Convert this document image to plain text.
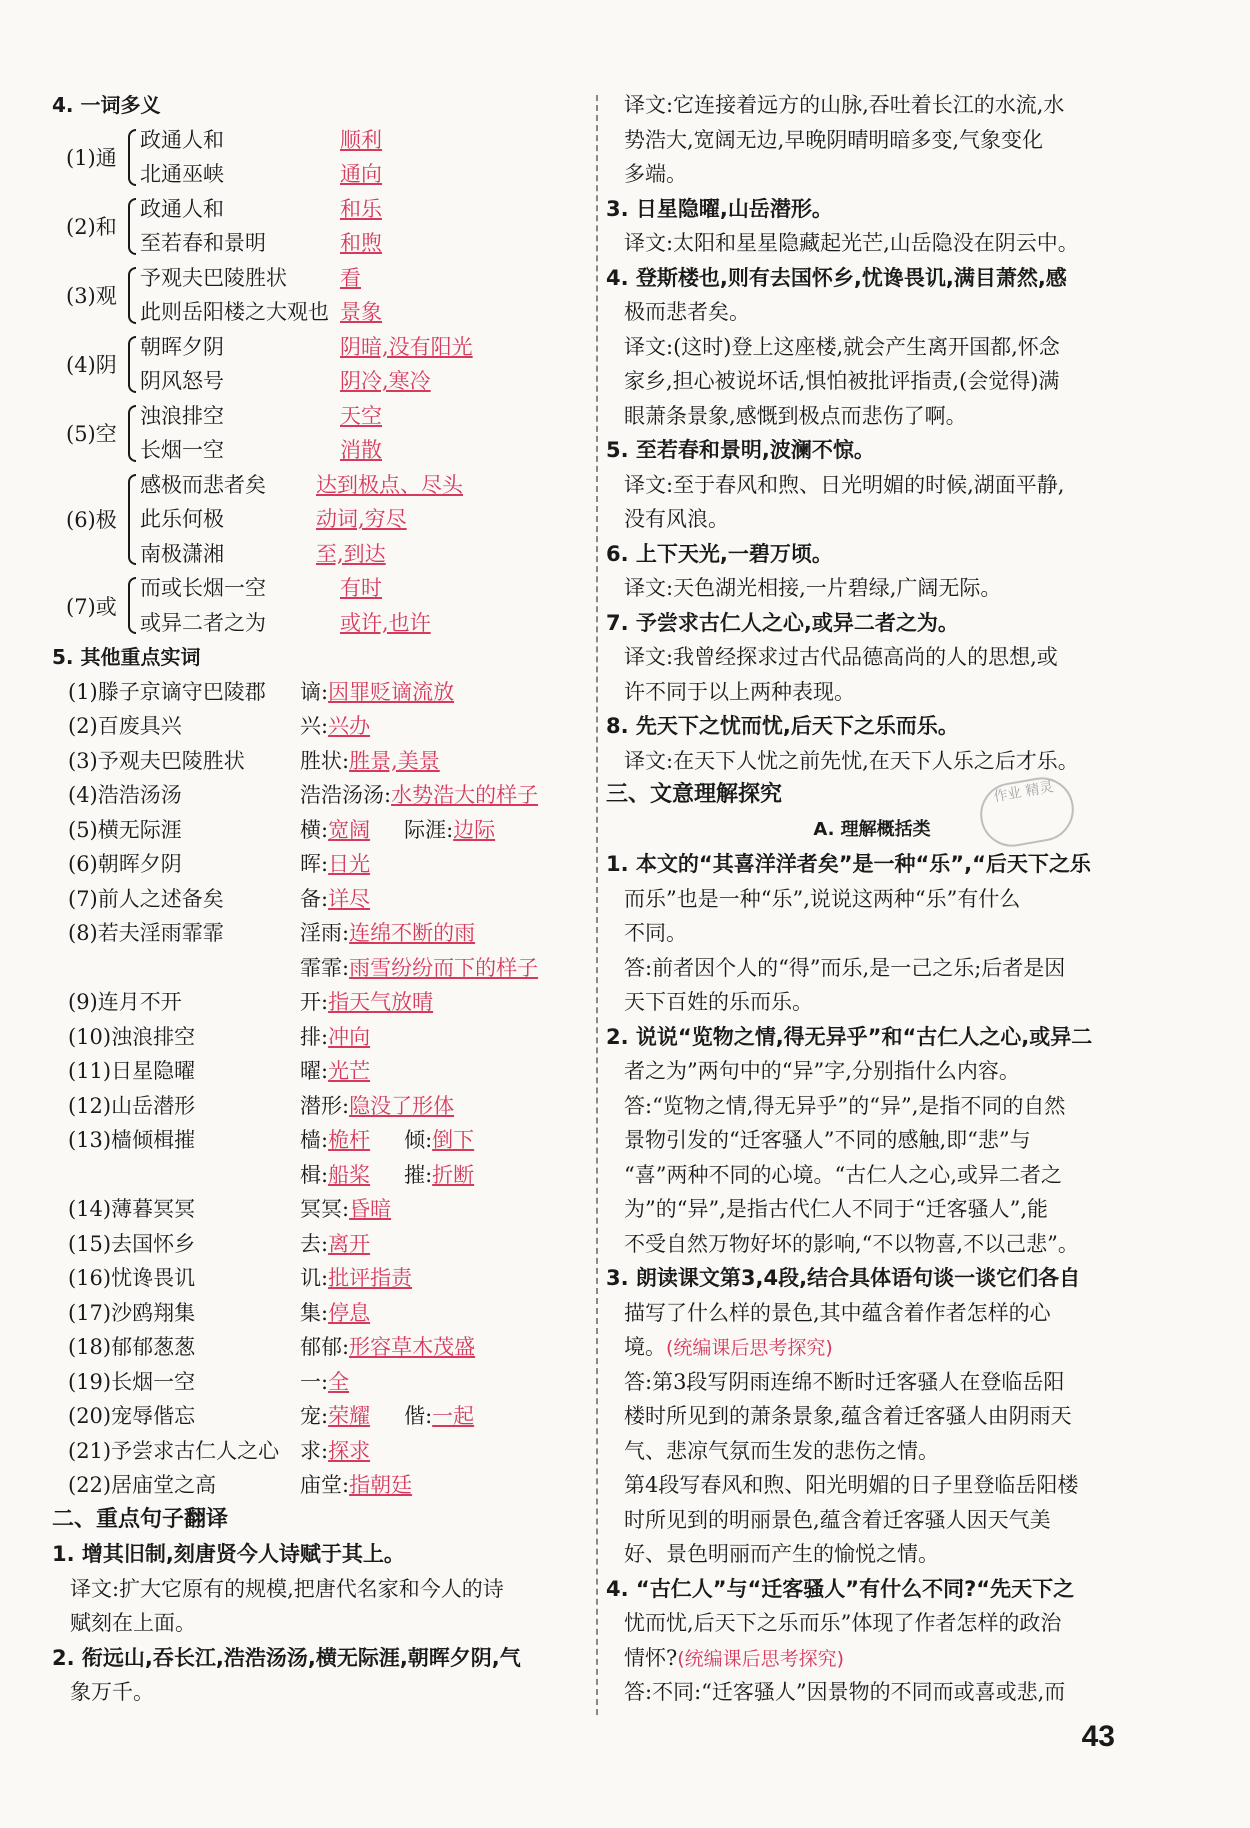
4. 一词多义
(1)通
政通人和	顺利
北通巫峡	通向
(2)和
政通人和	和乐
至若春和景明	和煦
(3)观
予观夫巴陵胜状	看
此则岳阳楼之大观也 景象
(4)阴
朝晖夕阴	阴暗,没有阳光
阴风怒号	阴冷,寒冷
(5)空
浊浪排空	天空
长烟一空	消散
(6)极
感极而悲者矣	达到极点、尽头
此乐何极	动词,穷尽
南极潇湘	至,到达
(7)或
而或长烟一空	有时
或异二者之为	或许,也许
5. 其他重点实词
(1)滕子京谪守巴陵郡	谪:因罪贬谪流放
(2)百废具兴	兴:兴办
(3)予观夫巴陵胜状	胜状:胜景,美景
(4)浩浩汤汤	浩浩汤汤:水势浩大的样子
(5)横无际涯	横:宽阔 际涯:边际
(6)朝晖夕阴	晖:日光
(7)前人之述备矣	备:详尽
(8)若夫淫雨霏霏	淫雨:连绵不断的雨
霏霏:雨雪纷纷而下的样子
(9)连月不开	开:指天气放晴
(10)浊浪排空	排:冲向
(11)日星隐曜	曜:光芒
(12)山岳潜形	潜形:隐没了形体
(13)樯倾楫摧	樯:桅杆 倾:倒下
楫:船桨 摧:折断
(14)薄暮冥冥	冥冥:昏暗
(15)去国怀乡	去:离开
(16)忧谗畏讥	讥:批评指责
(17)沙鸥翔集	集:停息
(18)郁郁葱葱	郁郁:形容草木茂盛
(19)长烟一空	一:全
(20)宠辱偕忘	宠:荣耀 偕:一起
(21)予尝求古仁人之心 求:探求
(22)居庙堂之高	庙堂:指朝廷
二、重点句子翻译
1. 增其旧制,刻唐贤今人诗赋于其上。
译文:扩大它原有的规模,把唐代名家和今人的诗
赋刻在上面。
2. 衔远山,吞长江,浩浩汤汤,横无际涯,朝晖夕阴,气
象万千。
译文:它连接着远方的山脉,吞吐着长江的水流,水
势浩大,宽阔无边,早晚阴晴明暗多变,气象变化
多端。
3. 日星隐曜,山岳潜形。
译文:太阳和星星隐藏起光芒,山岳隐没在阴云中。
4. 登斯楼也,则有去国怀乡,忧谗畏讥,满目萧然,感
极而悲者矣。
译文:(这时)登上这座楼,就会产生离开国都,怀念
家乡,担心被说坏话,惧怕被批评指责,(会觉得)满
眼萧条景象,感慨到极点而悲伤了啊。
5. 至若春和景明,波澜不惊。
译文:至于春风和煦、日光明媚的时候,湖面平静,
没有风浪。
6. 上下天光,一碧万顷。
译文:天色湖光相接,一片碧绿,广阔无际。
7. 予尝求古仁人之心,或异二者之为。
译文:我曾经探求过古代品德高尚的人的思想,或
许不同于以上两种表现。
8. 先天下之忧而忧,后天下之乐而乐。
译文:在天下人忧之前先忧,在天下人乐之后才乐。
三、文意理解探究
A. 理解概括类
1. 本文的“其喜洋洋者矣”是一种“乐”,“后天下之乐
而乐”也是一种“乐”,说说这两种“乐”有什么
不同。
答:前者因个人的“得”而乐,是一己之乐;后者是因
天下百姓的乐而乐。
2. 说说“览物之情,得无异乎”和“古仁人之心,或异二
者之为”两句中的“异”字,分别指什么内容。
答:“览物之情,得无异乎”的“异”,是指不同的自然
景物引发的“迁客骚人”不同的感触,即“悲”与
“喜”两种不同的心境。“古仁人之心,或异二者之
为”的“异”,是指古代仁人不同于“迁客骚人”,能
不受自然万物好坏的影响,“不以物喜,不以己悲”。
3. 朗读课文第3,4段,结合具体语句谈一谈它们各自
描写了什么样的景色,其中蕴含着作者怎样的心
境。(统编课后思考探究)
答:第3段写阴雨连绵不断时迁客骚人在登临岳阳
楼时所见到的萧条景象,蕴含着迁客骚人由阴雨天
气、悲凉气氛而生发的悲伤之情。
第4段写春风和煦、阳光明媚的日子里登临岳阳楼
时所见到的明丽景色,蕴含着迁客骚人因天气美
好、景色明丽而产生的愉悦之情。
4. “古仁人”与“迁客骚人”有什么不同?“先天下之
忧而忧,后天下之乐而乐”体现了作者怎样的政治
情怀?(统编课后思考探究)
答:不同:“迁客骚人”因景物的不同而或喜或悲,而
作业 精灵
43
